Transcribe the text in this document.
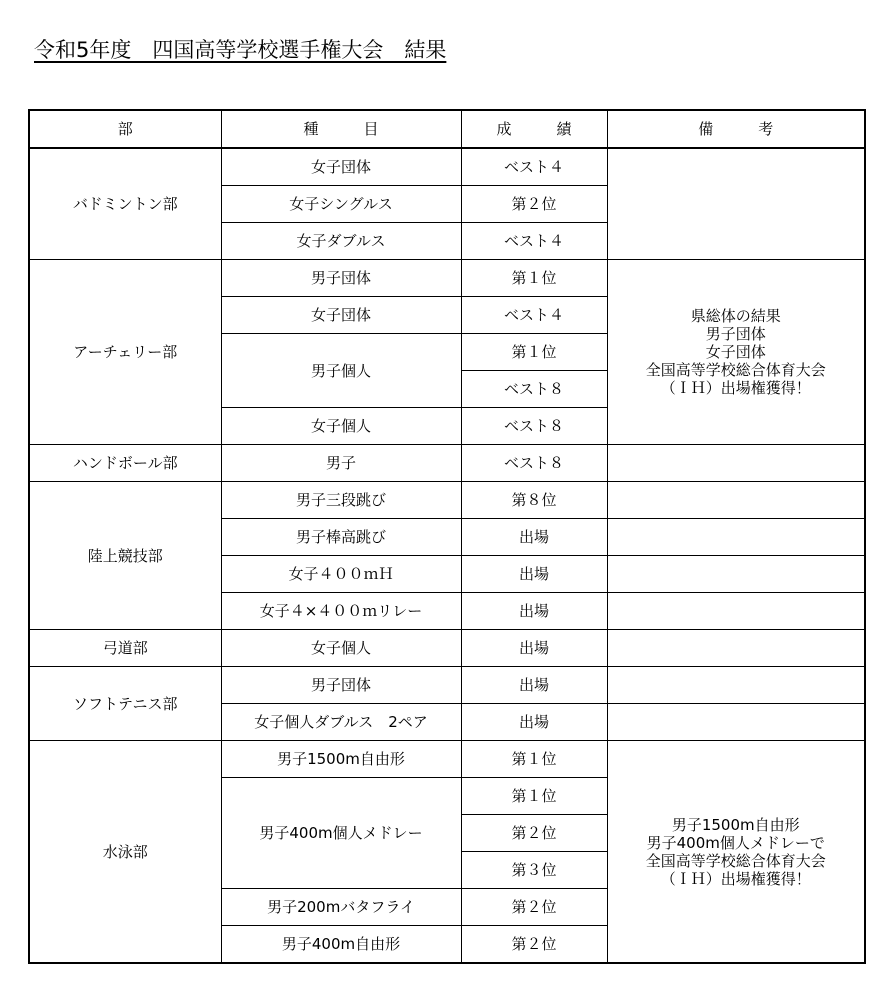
令和5年度　四国高等学校選手権大会　結果
部	種　　　目	成　　　績	備　　　考
バドミントン部	女子団体	ベスト４	
	女子シングルス	第２位	
	女子ダブルス	ベスト４	
アーチェリー部	男子団体	第１位	県総体の結果
男子団体
女子団体
全国高等学校総合体育大会
（ＩＨ）出場権獲得！
	女子団体	ベスト４	
	男子個人	第１位	
		ベスト８	
	女子個人	ベスト８	
ハンドボール部	男子	ベスト８	
陸上競技部	男子三段跳び	第８位	
	男子棒高跳び	出場	
	女子４００ｍＨ	出場	
	女子４×４００ｍリレー	出場	
弓道部	女子個人	出場	
ソフトテニス部	男子団体	出場	
	女子個人ダブルス　2ペア	出場	
水泳部	男子1500m自由形	第１位	男子1500m自由形
男子400m個人メドレーで
全国高等学校総合体育大会
（ＩＨ）出場権獲得！
	男子400m個人メドレー	第１位	
		第２位	
		第３位	
	男子200mバタフライ	第２位	
	男子400m自由形	第２位	
